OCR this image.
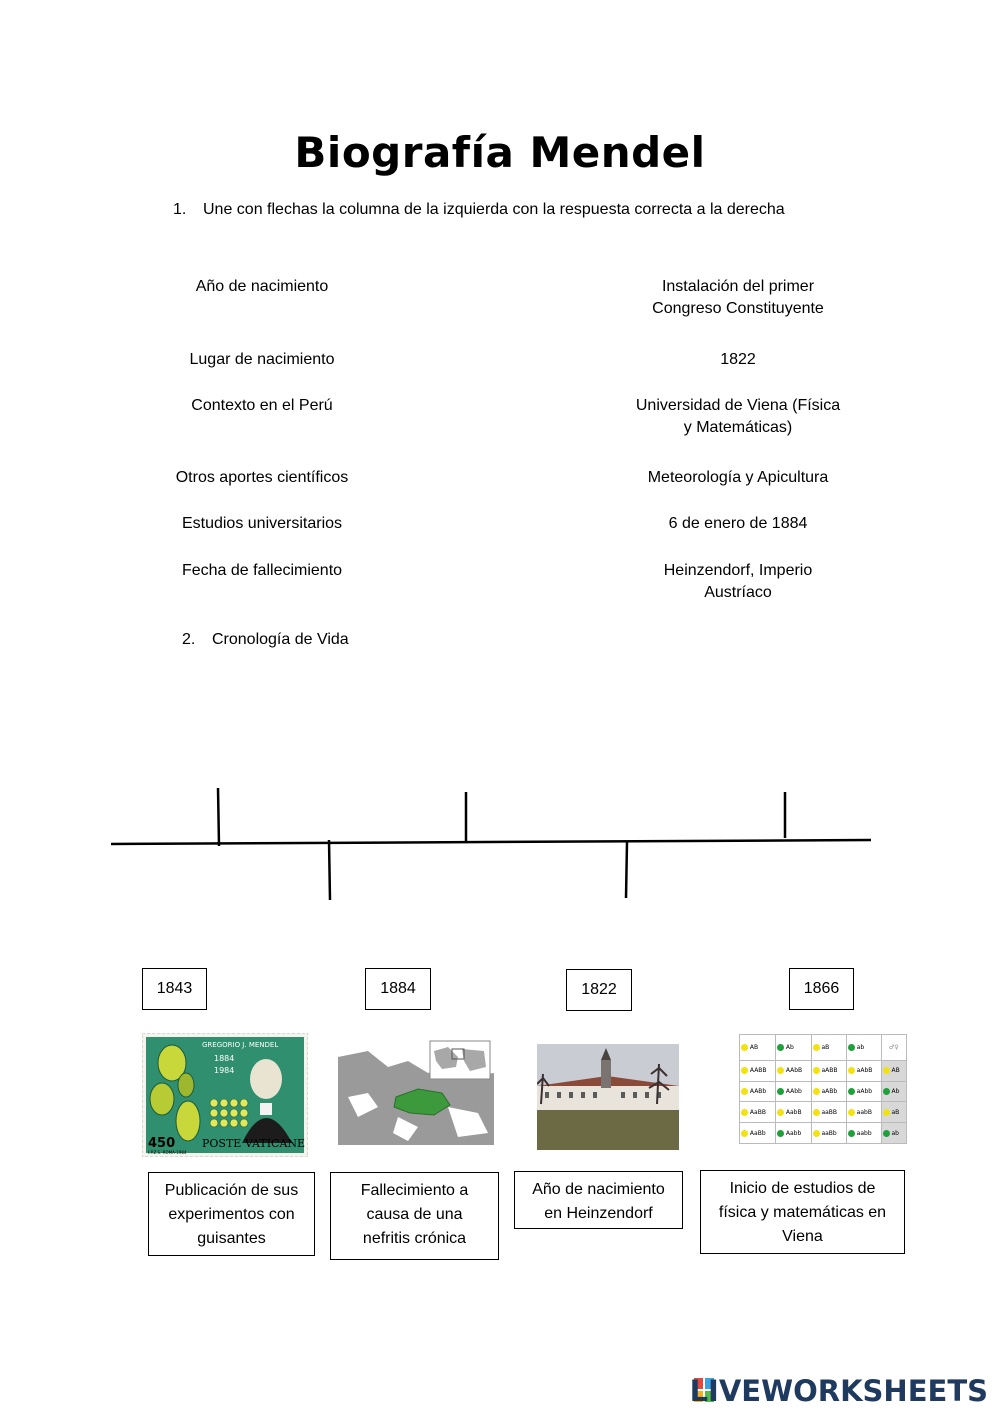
Biografía Mendel
1. Une con flechas la columna de la izquierda con la respuesta correcta a la derecha
Año de nacimiento
Lugar de nacimiento
Contexto en el Perú
Otros aportes científicos
Estudios universitarios
Fecha de fallecimiento
Instalación del primer
Congreso Constituyente
1822
Universidad de Viena (Física
y Matemáticas)
Meteorología y Apicultura
6 de enero de 1884
Heinzendorf, Imperio
Austríaco
2. Cronología de Vida
1843	1884	1822	1866
450 POSTE VATICANE
GREGORIO J. MENDEL
1884
1984
I.P.Z.S.-ROMA-1984
AB	Ab	aB	ab	♂♀
AABB	AAbB	aABB	aAbB	AB
AABb	AAbb	aABb	aAbb	Ab
AaBB	AabB	aaBB	aabB	aB
AaBb	Aabb	aaBb	aabb	ab
Publicación de sus
experimentos con
guisantes
Fallecimiento a
causa de una
nefritis crónica
Año de nacimiento
en Heinzendorf
Inicio de estudios de
física y matemáticas en
Viena
LIVEWORKSHEETS
